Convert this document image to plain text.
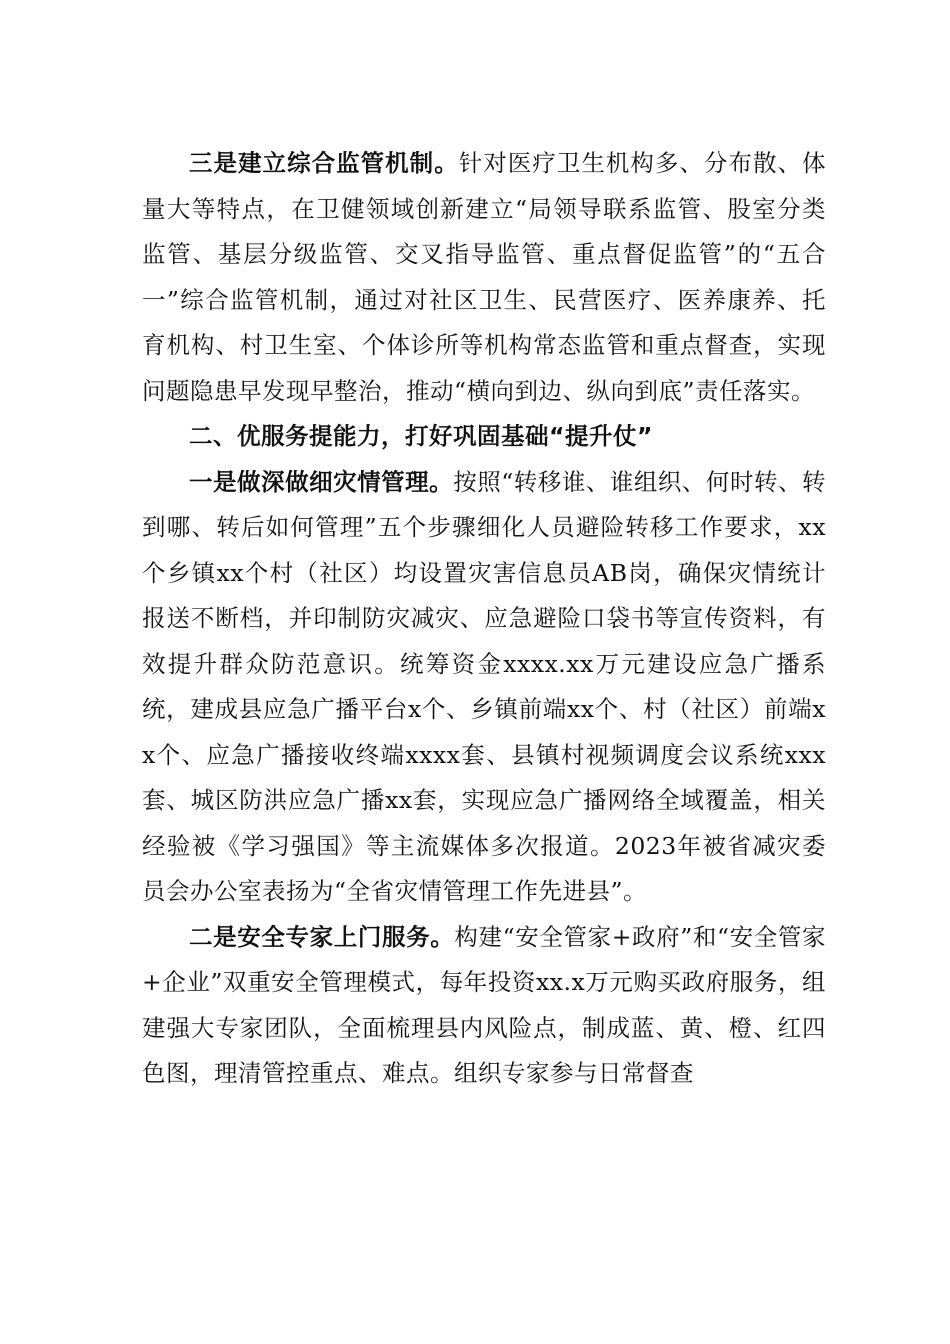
三是建立综合监管机制。针对医疗卫生机构多、分布散、体量大等特点，在卫健领域创新建立“局领导联系监管、股室分类监管、基层分级监管、交叉指导监管、重点督促监管”的“五合一”综合监管机制，通过对社区卫生、民营医疗、医养康养、托育机构、村卫生室、个体诊所等机构常态监管和重点督查，实现问题隐患早发现早整治，推动“横向到边、纵向到底”责任落实。

二、优服务提能力，打好巩固基础“提升仗”

一是做深做细灾情管理。按照“转移谁、谁组织、何时转、转到哪、转后如何管理”五个步骤细化人员避险转移工作要求，xx个乡镇xx个村（社区）均设置灾害信息员AB岗，确保灾情统计报送不断档，并印制防灾减灾、应急避险口袋书等宣传资料，有效提升群众防范意识。统筹资金xxxx.xx万元建设应急广播系统，建成县应急广播平台x个、乡镇前端xx个、村（社区）前端xx个、应急广播接收终端xxxx套、县镇村视频调度会议系统xxx套、城区防洪应急广播xx套，实现应急广播网络全域覆盖，相关经验被《学习强国》等主流媒体多次报道。2023年被省减灾委员会办公室表扬为“全省灾情管理工作先进县”。

二是安全专家上门服务。构建“安全管家+政府”和“安全管家+企业”双重安全管理模式，每年投资xx.x万元购买政府服务，组建强大专家团队，全面梳理县内风险点，制成蓝、黄、橙、红四色图，理清管控重点、难点。组织专家参与日常督查
